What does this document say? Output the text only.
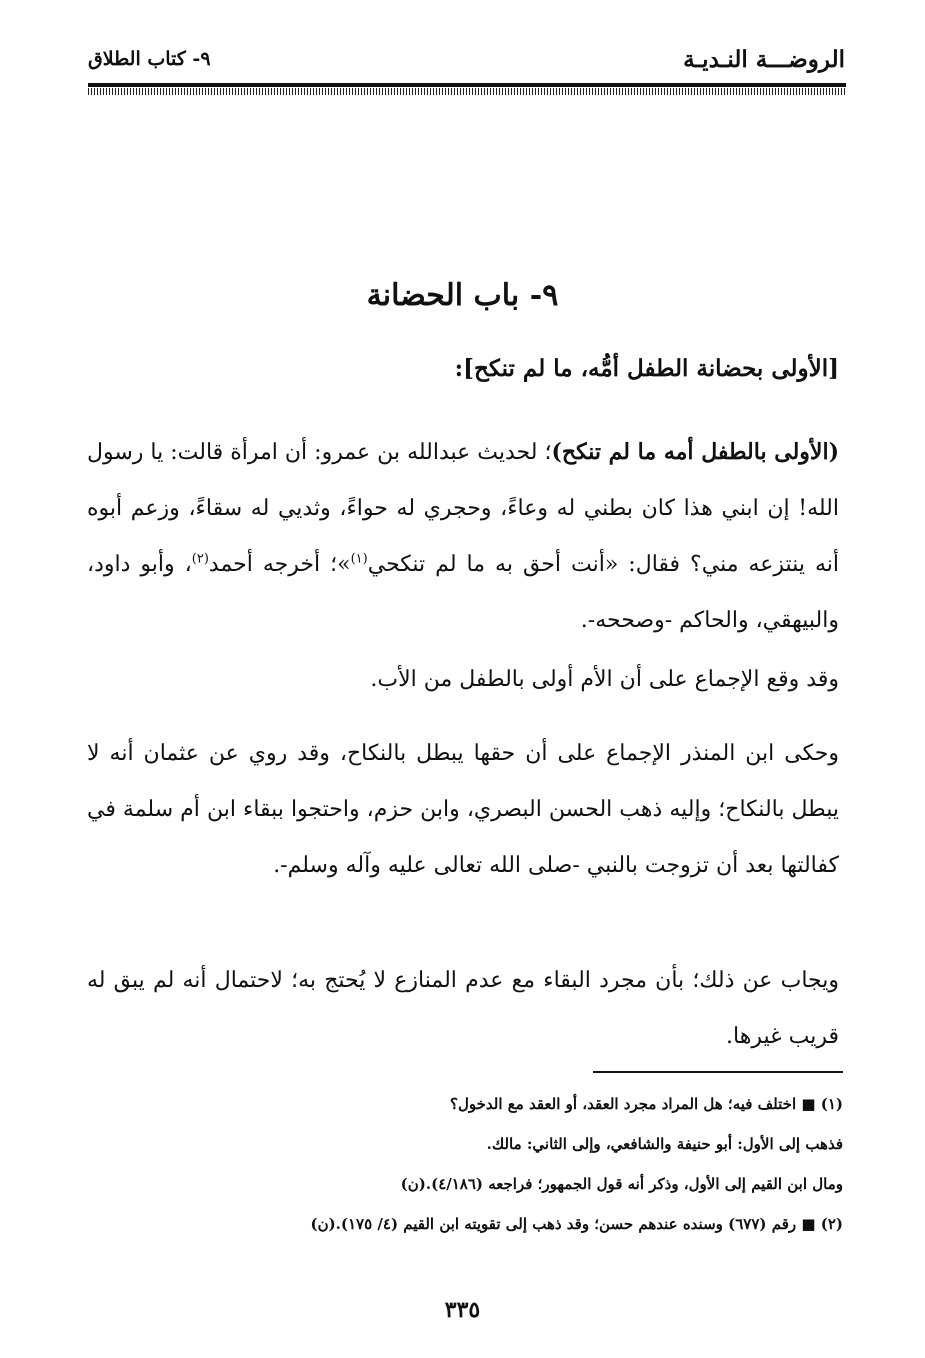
الروضـــة النـديـة
٩- كتاب الطلاق
٩- باب الحضانة
[الأولى بحضانة الطفل أمُّه، ما لم تنكح]:
(الأولى بالطفل أمه ما لم تنكح)؛ لحديث عبدالله بن عمرو: أن امرأة قالت: يا رسول الله! إن ابني هذا كان بطني له وعاءً، وحجري له حواءً، وثديي له سقاءً، وزعم أبوه أنه ينتزعه مني؟ فقال: «أنت أحق به ما لم تنكحي$^{(١)}$»؛ أخرجه أحمد$^{(٢)}$، وأبو داود، والبيهقي، والحاكم -وصححه-.
وقد وقع الإجماع على أن الأم أولى بالطفل من الأب.
وحكى ابن المنذر الإجماع على أن حقها يبطل بالنكاح، وقد روي عن عثمان أنه لا يبطل بالنكاح؛ وإليه ذهب الحسن البصري، وابن حزم، واحتجوا ببقاء ابن أم سلمة في كفالتها بعد أن تزوجت بالنبي -صلى الله تعالى عليه وآله وسلم-.
ويجاب عن ذلك؛ بأن مجرد البقاء مع عدم المنازع لا يُحتج به؛ لاحتمال أنه لم يبق له قريب غيرها.
(١) ■ اختلف فيه؛ هل المراد مجرد العقد، أو العقد مع الدخول؟
فذهب إلى الأول: أبو حنيفة والشافعي، وإلى الثاني: مالك.
ومال ابن القيم إلى الأول، وذكر أنه قول الجمهور؛ فراجعه (٤/١٨٦).(ن)
(٢) ■ رقم (٦٧٧) وسنده عندهم حسن؛ وقد ذهب إلى تقويته ابن القيم (٤/ ١٧٥).(ن)
٣٣٥
